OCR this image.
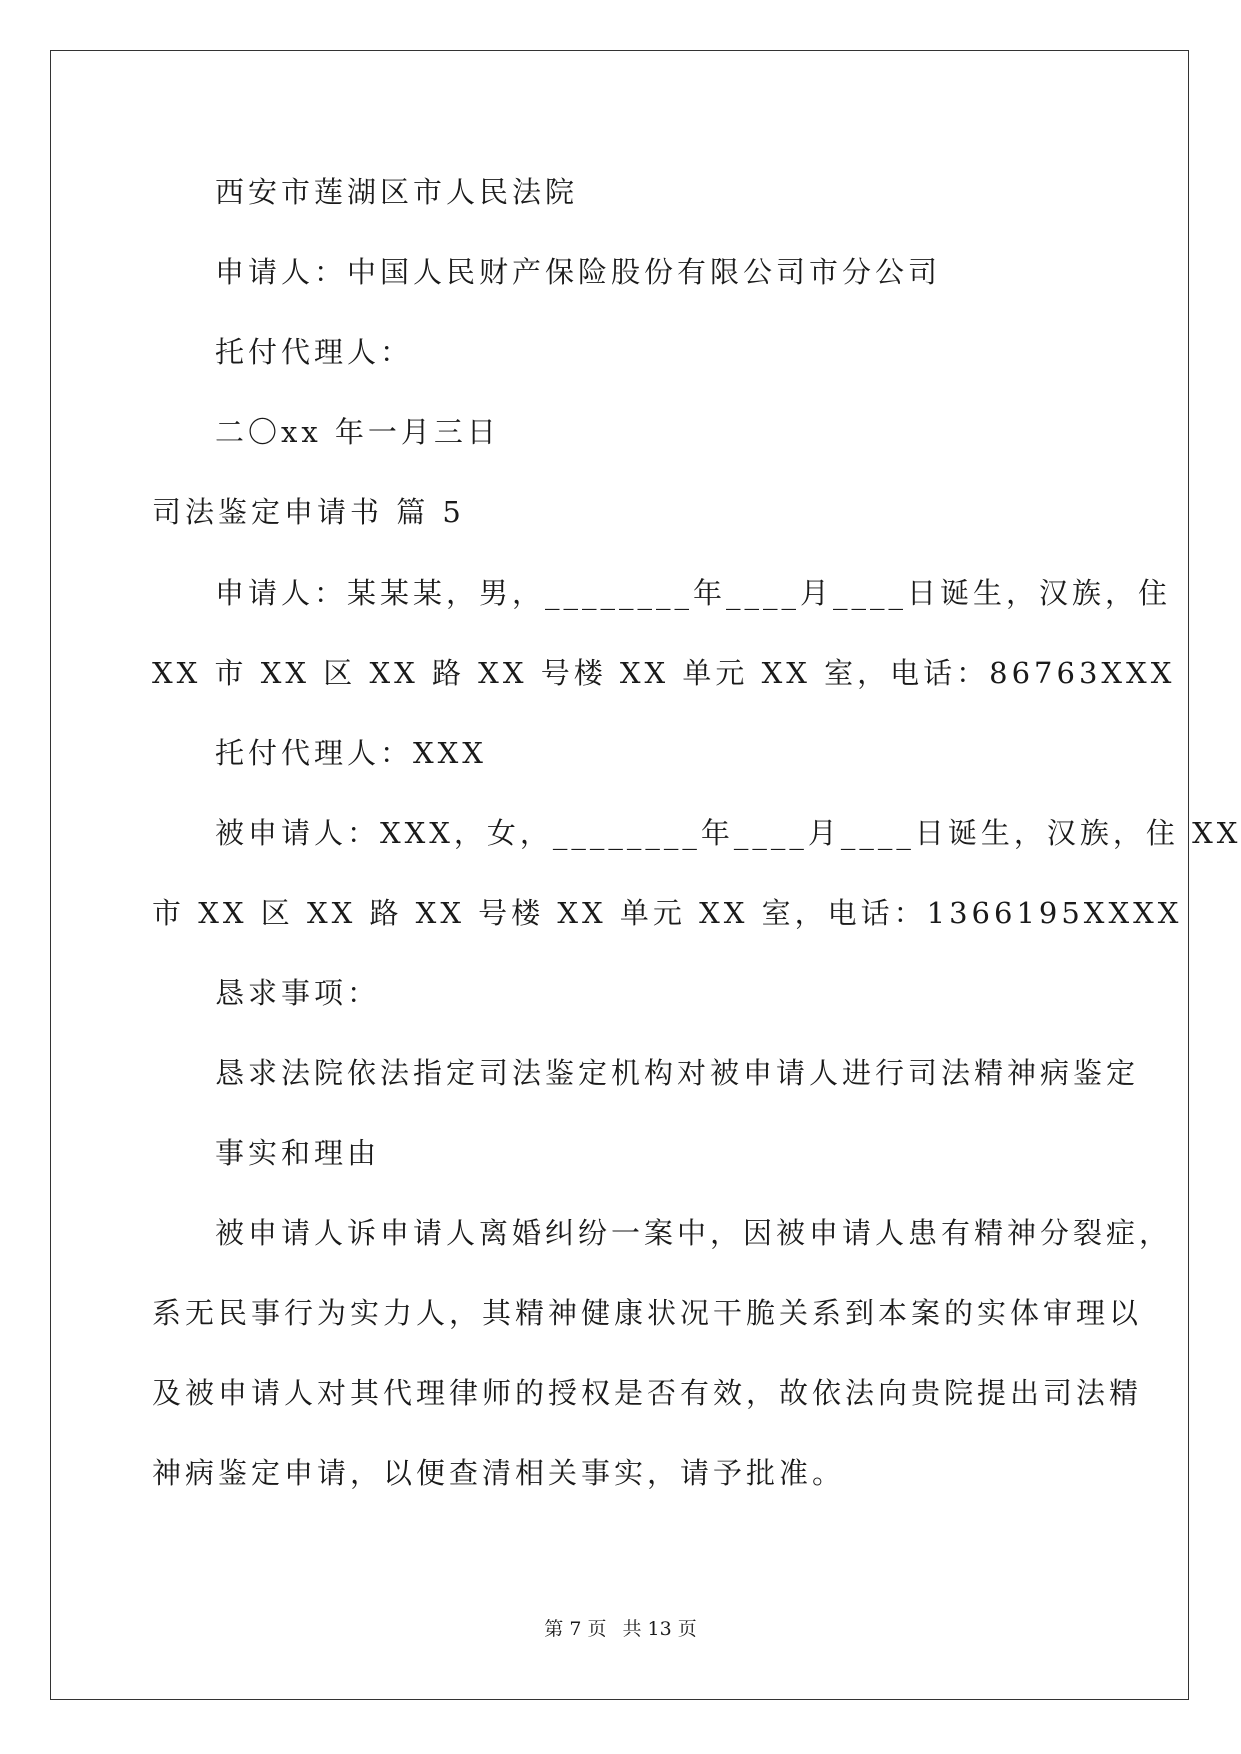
西安市莲湖区市人民法院
申请人：中国人民财产保险股份有限公司市分公司
托付代理人：
二〇xx 年一月三日
司法鉴定申请书 篇 5
申请人：某某某，男，________年____月____日诞生，汉族，住
XX 市 XX 区 XX 路 XX 号楼 XX 单元 XX 室，电话：86763XXX
托付代理人：XXX
被申请人：XXX，女，________年____月____日诞生，汉族，住 XX
市 XX 区 XX 路 XX 号楼 XX 单元 XX 室，电话：1366195XXXX
恳求事项：
恳求法院依法指定司法鉴定机构对被申请人进行司法精神病鉴定
事实和理由
被申请人诉申请人离婚纠纷一案中，因被申请人患有精神分裂症，
系无民事行为实力人，其精神健康状况干脆关系到本案的实体审理以
及被申请人对其代理律师的授权是否有效，故依法向贵院提出司法精
神病鉴定申请，以便查清相关事实，请予批准。
第 7 页 共 13 页
